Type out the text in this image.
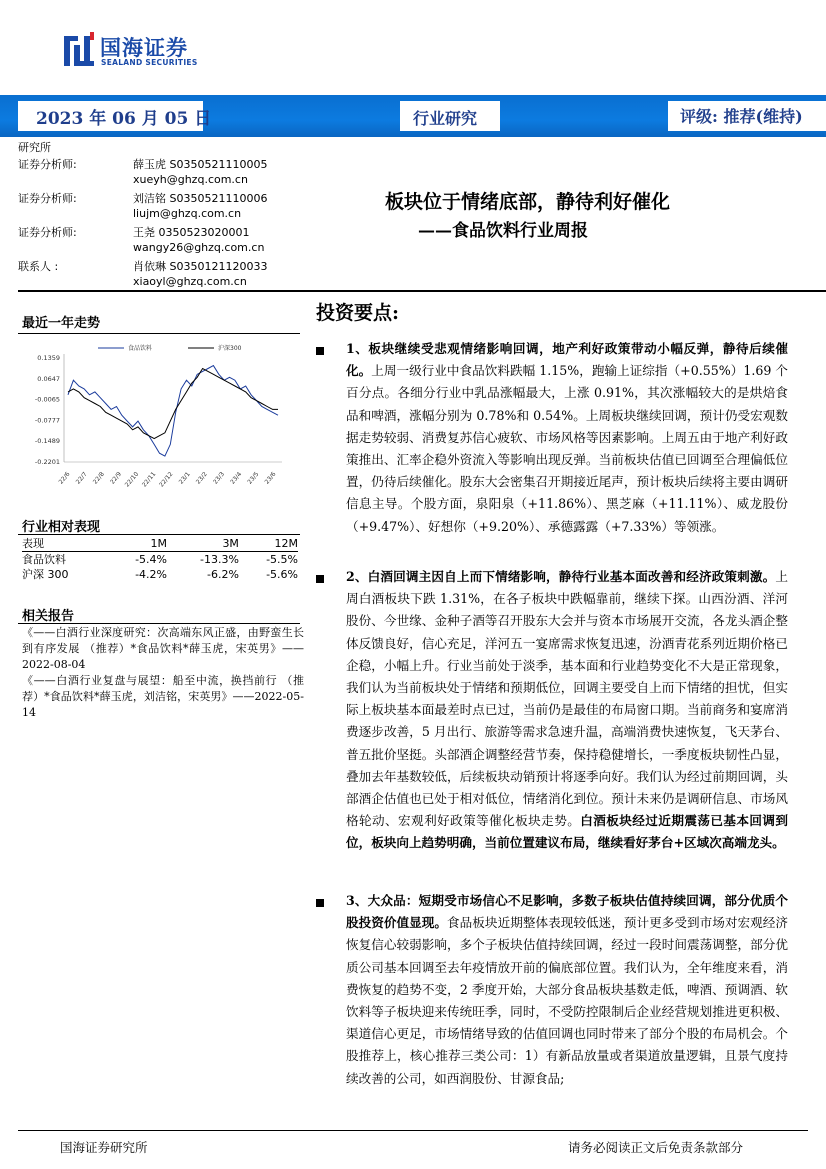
国海证券
SEALAND SECURITIES
2023 年 06 月 05 日	行业研究	评级: 推荐(维持)
研究所
证券分析师:	薛玉虎 S0350521110005
xueyh@ghzq.com.cn
证券分析师:	刘洁铭 S0350521110006
liujm@ghzq.com.cn
证券分析师:	王尧 0350523020001
wangy26@ghzq.com.cn
联系人 :	肖依琳 S0350121120033
xiaoyl@ghzq.com.cn
板块位于情绪底部，静待利好催化
——食品饮料行业周报
最近一年走势
0.1359
0.0647
-0.0065
-0.0777
-0.1489
-0.2201
22/6 22/7 22/8 22/9 22/10 22/11 22/12 23/1 23/2 23/3 23/4 23/5 23/6
食品饮料	沪深300
行业相对表现
表现	1M	3M	12M
食品饮料	-5.4%	-13.3%	-5.5%
沪深 300	-4.2%	-6.2%	-5.6%
相关报告

《——白酒行业深度研究：次高端东风正盛，由野蛮生长到有序发展 （推荐）*食品饮料*薛玉虎，宋英男》——2022-08-04

《——白酒行业复盘与展望：船至中流，换挡前行 （推荐）*食品饮料*薛玉虎，刘洁铭，宋英男》——2022-05-14

投资要点:
1、板块继续受悲观情绪影响回调，地产利好政策带动小幅反弹，静待后续催化。上周一级行业中食品饮料跌幅 1.15%，跑输上证综指（+0.55%）1.69 个百分点。各细分行业中乳品涨幅最大，上涨 0.91%，其次涨幅较大的是烘焙食品和啤酒，涨幅分别为 0.78%和 0.54%。上周板块继续回调，预计仍受宏观数据走势较弱、消费复苏信心疲软、市场风格等因素影响。上周五由于地产利好政策推出、汇率企稳外资流入等影响出现反弹。当前板块估值已回调至合理偏低位置，仍待后续催化。股东大会密集召开期接近尾声，预计板块后续将主要由调研信息主导。个股方面，泉阳泉（+11.86%）、黑芝麻（+11.11%）、威龙股份（+9.47%）、好想你（+9.20%）、承德露露（+7.33%）等领涨。
2、白酒回调主因自上而下情绪影响，静待行业基本面改善和经济政策刺激。上周白酒板块下跌 1.31%，在各子板块中跌幅靠前，继续下探。山西汾酒、洋河股份、今世缘、金种子酒等召开股东大会并与资本市场展开交流，各龙头酒企整体反馈良好，信心充足，洋河五一宴席需求恢复迅速，汾酒青花系列近期价格已企稳，小幅上升。行业当前处于淡季，基本面和行业趋势变化不大是正常现象，我们认为当前板块处于情绪和预期低位，回调主要受自上而下情绪的担忧，但实际上板块基本面最差时点已过，当前仍是最佳的布局窗口期。当前商务和宴席消费逐步改善，5 月出行、旅游等需求急速升温，高端消费快速恢复，飞天茅台、普五批价坚挺。头部酒企调整经营节奏，保持稳健增长，一季度板块韧性凸显，叠加去年基数较低，后续板块动销预计将逐季向好。我们认为经过前期回调，头部酒企估值也已处于相对低位，情绪消化到位。预计未来仍是调研信息、市场风格轮动、宏观利好政策等催化板块走势。白酒板块经过近期震荡已基本回调到位，板块向上趋势明确，当前位置建议布局，继续看好茅台+区域次高端龙头。
3、大众品：短期受市场信心不足影响，多数子板块估值持续回调，部分优质个股投资价值显现。食品板块近期整体表现较低迷，预计更多受到市场对宏观经济恢复信心较弱影响，多个子板块估值持续回调，经过一段时间震荡调整，部分优质公司基本回调至去年疫情放开前的偏底部位置。我们认为，全年维度来看，消费恢复的趋势不变，2 季度开始，大部分食品板块基数走低，啤酒、预调酒、软饮料等子板块迎来传统旺季，同时，不受防控限制后企业经营规划推进更积极、渠道信心更足，市场情绪导致的估值回调也同时带来了部分个股的布局机会。个股推荐上，核心推荐三类公司：1）有新品放量或者渠道放量逻辑，且景气度持续改善的公司，如西润股份、甘源食品;
国海证券研究所	请务必阅读正文后免责条款部分
